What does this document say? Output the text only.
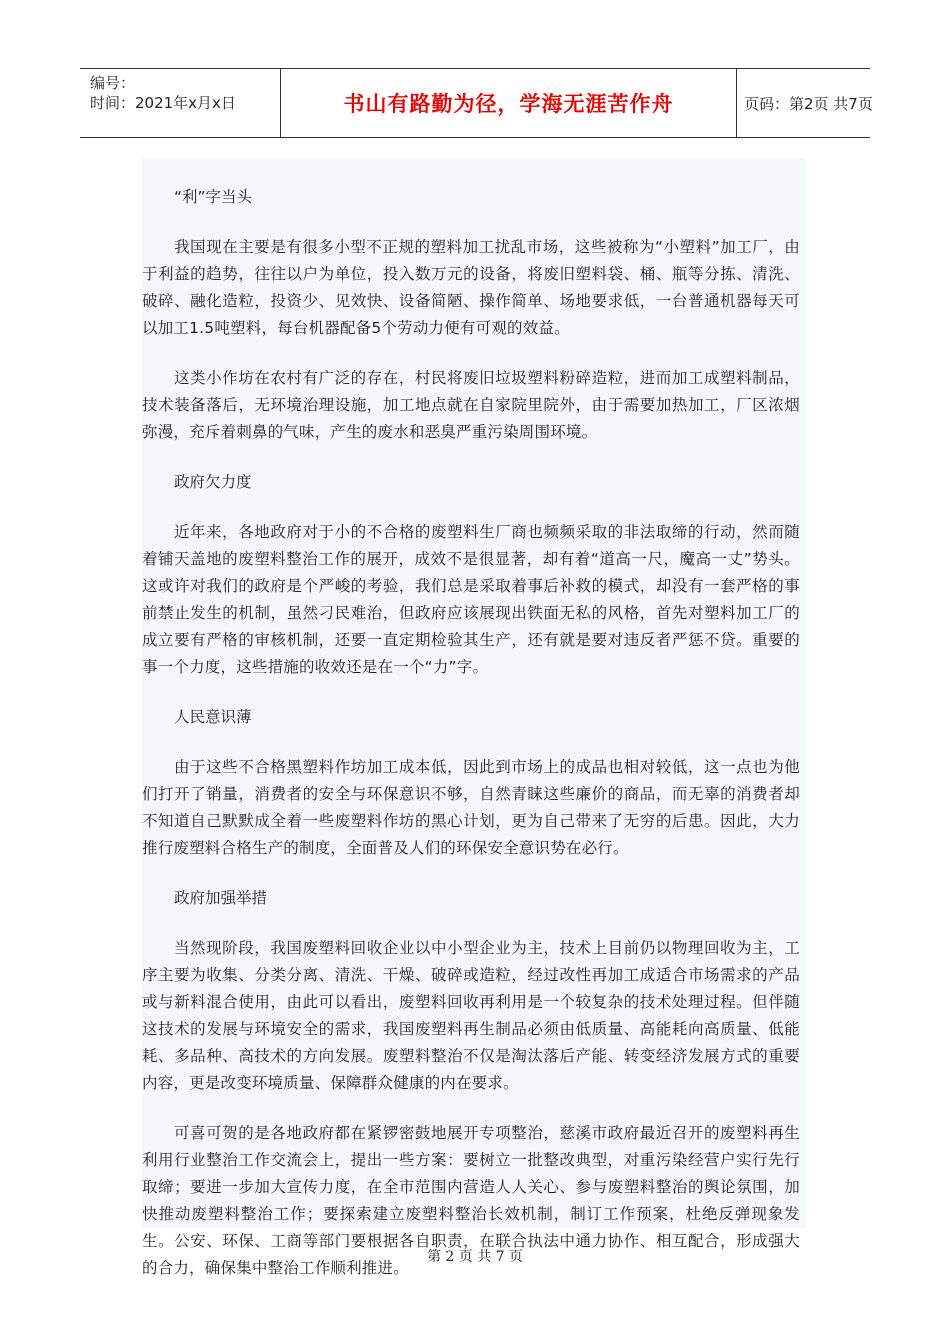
编号：
时间：2021年x月x日	书山有路勤为径，学海无涯苦作舟	页码：第2页 共7页

“利”字当头

我国现在主要是有很多小型不正规的塑料加工扰乱市场，这些被称为“小塑料”加工厂，由于利益的趋势，往往以户为单位，投入数万元的设备，将废旧塑料袋、桶、瓶等分拣、清洗、破碎、融化造粒，投资少、见效快、设备简陋、操作简单、场地要求低，一台普通机器每天可以加工1.5吨塑料，每台机器配备5个劳动力便有可观的效益。

这类小作坊在农村有广泛的存在，村民将废旧垃圾塑料粉碎造粒，进而加工成塑料制品，技术装备落后，无环境治理设施，加工地点就在自家院里院外，由于需要加热加工，厂区浓烟弥漫，充斥着刺鼻的气味，产生的废水和恶臭严重污染周围环境。

政府欠力度

近年来，各地政府对于小的不合格的废塑料生厂商也频频采取的非法取缔的行动，然而随着铺天盖地的废塑料整治工作的展开，成效不是很显著，却有着“道高一尺，魔高一丈”势头。这或许对我们的政府是个严峻的考验，我们总是采取着事后补救的模式，却没有一套严格的事前禁止发生的机制，虽然刁民难治，但政府应该展现出铁面无私的风格，首先对塑料加工厂的成立要有严格的审核机制，还要一直定期检验其生产，还有就是要对违反者严惩不贷。重要的事一个力度，这些措施的收效还是在一个“力”字。

人民意识薄

由于这些不合格黑塑料作坊加工成本低，因此到市场上的成品也相对较低，这一点也为他们打开了销量，消费者的安全与环保意识不够，自然青睐这些廉价的商品，而无辜的消费者却不知道自己默默成全着一些废塑料作坊的黑心计划，更为自己带来了无穷的后患。因此，大力推行废塑料合格生产的制度，全面普及人们的环保安全意识势在必行。

政府加强举措

当然现阶段，我国废塑料回收企业以中小型企业为主，技术上目前仍以物理回收为主，工序主要为收集、分类分离、清洗、干燥、破碎或造粒，经过改性再加工成适合市场需求的产品或与新料混合使用，由此可以看出，废塑料回收再利用是一个较复杂的技术处理过程。但伴随这技术的发展与环境安全的需求，我国废塑料再生制品必须由低质量、高能耗向高质量、低能耗、多品种、高技术的方向发展。废塑料整治不仅是淘汰落后产能、转变经济发展方式的重要内容，更是改变环境质量、保障群众健康的内在要求。

可喜可贺的是各地政府都在紧锣密鼓地展开专项整治，慈溪市政府最近召开的废塑料再生利用行业整治工作交流会上，提出一些方案：要树立一批整改典型，对重污染经营户实行先行取缔；要进一步加大宣传力度，在全市范围内营造人人关心、参与废塑料整治的舆论氛围，加快推动废塑料整治工作；要探索建立废塑料整治长效机制，制订工作预案，杜绝反弹现象发生。公安、环保、工商等部门要根据各自职责，在联合执法中通力协作、相互配合，形成强大的合力，确保集中整治工作顺利推进。

第 2 页 共 7 页
